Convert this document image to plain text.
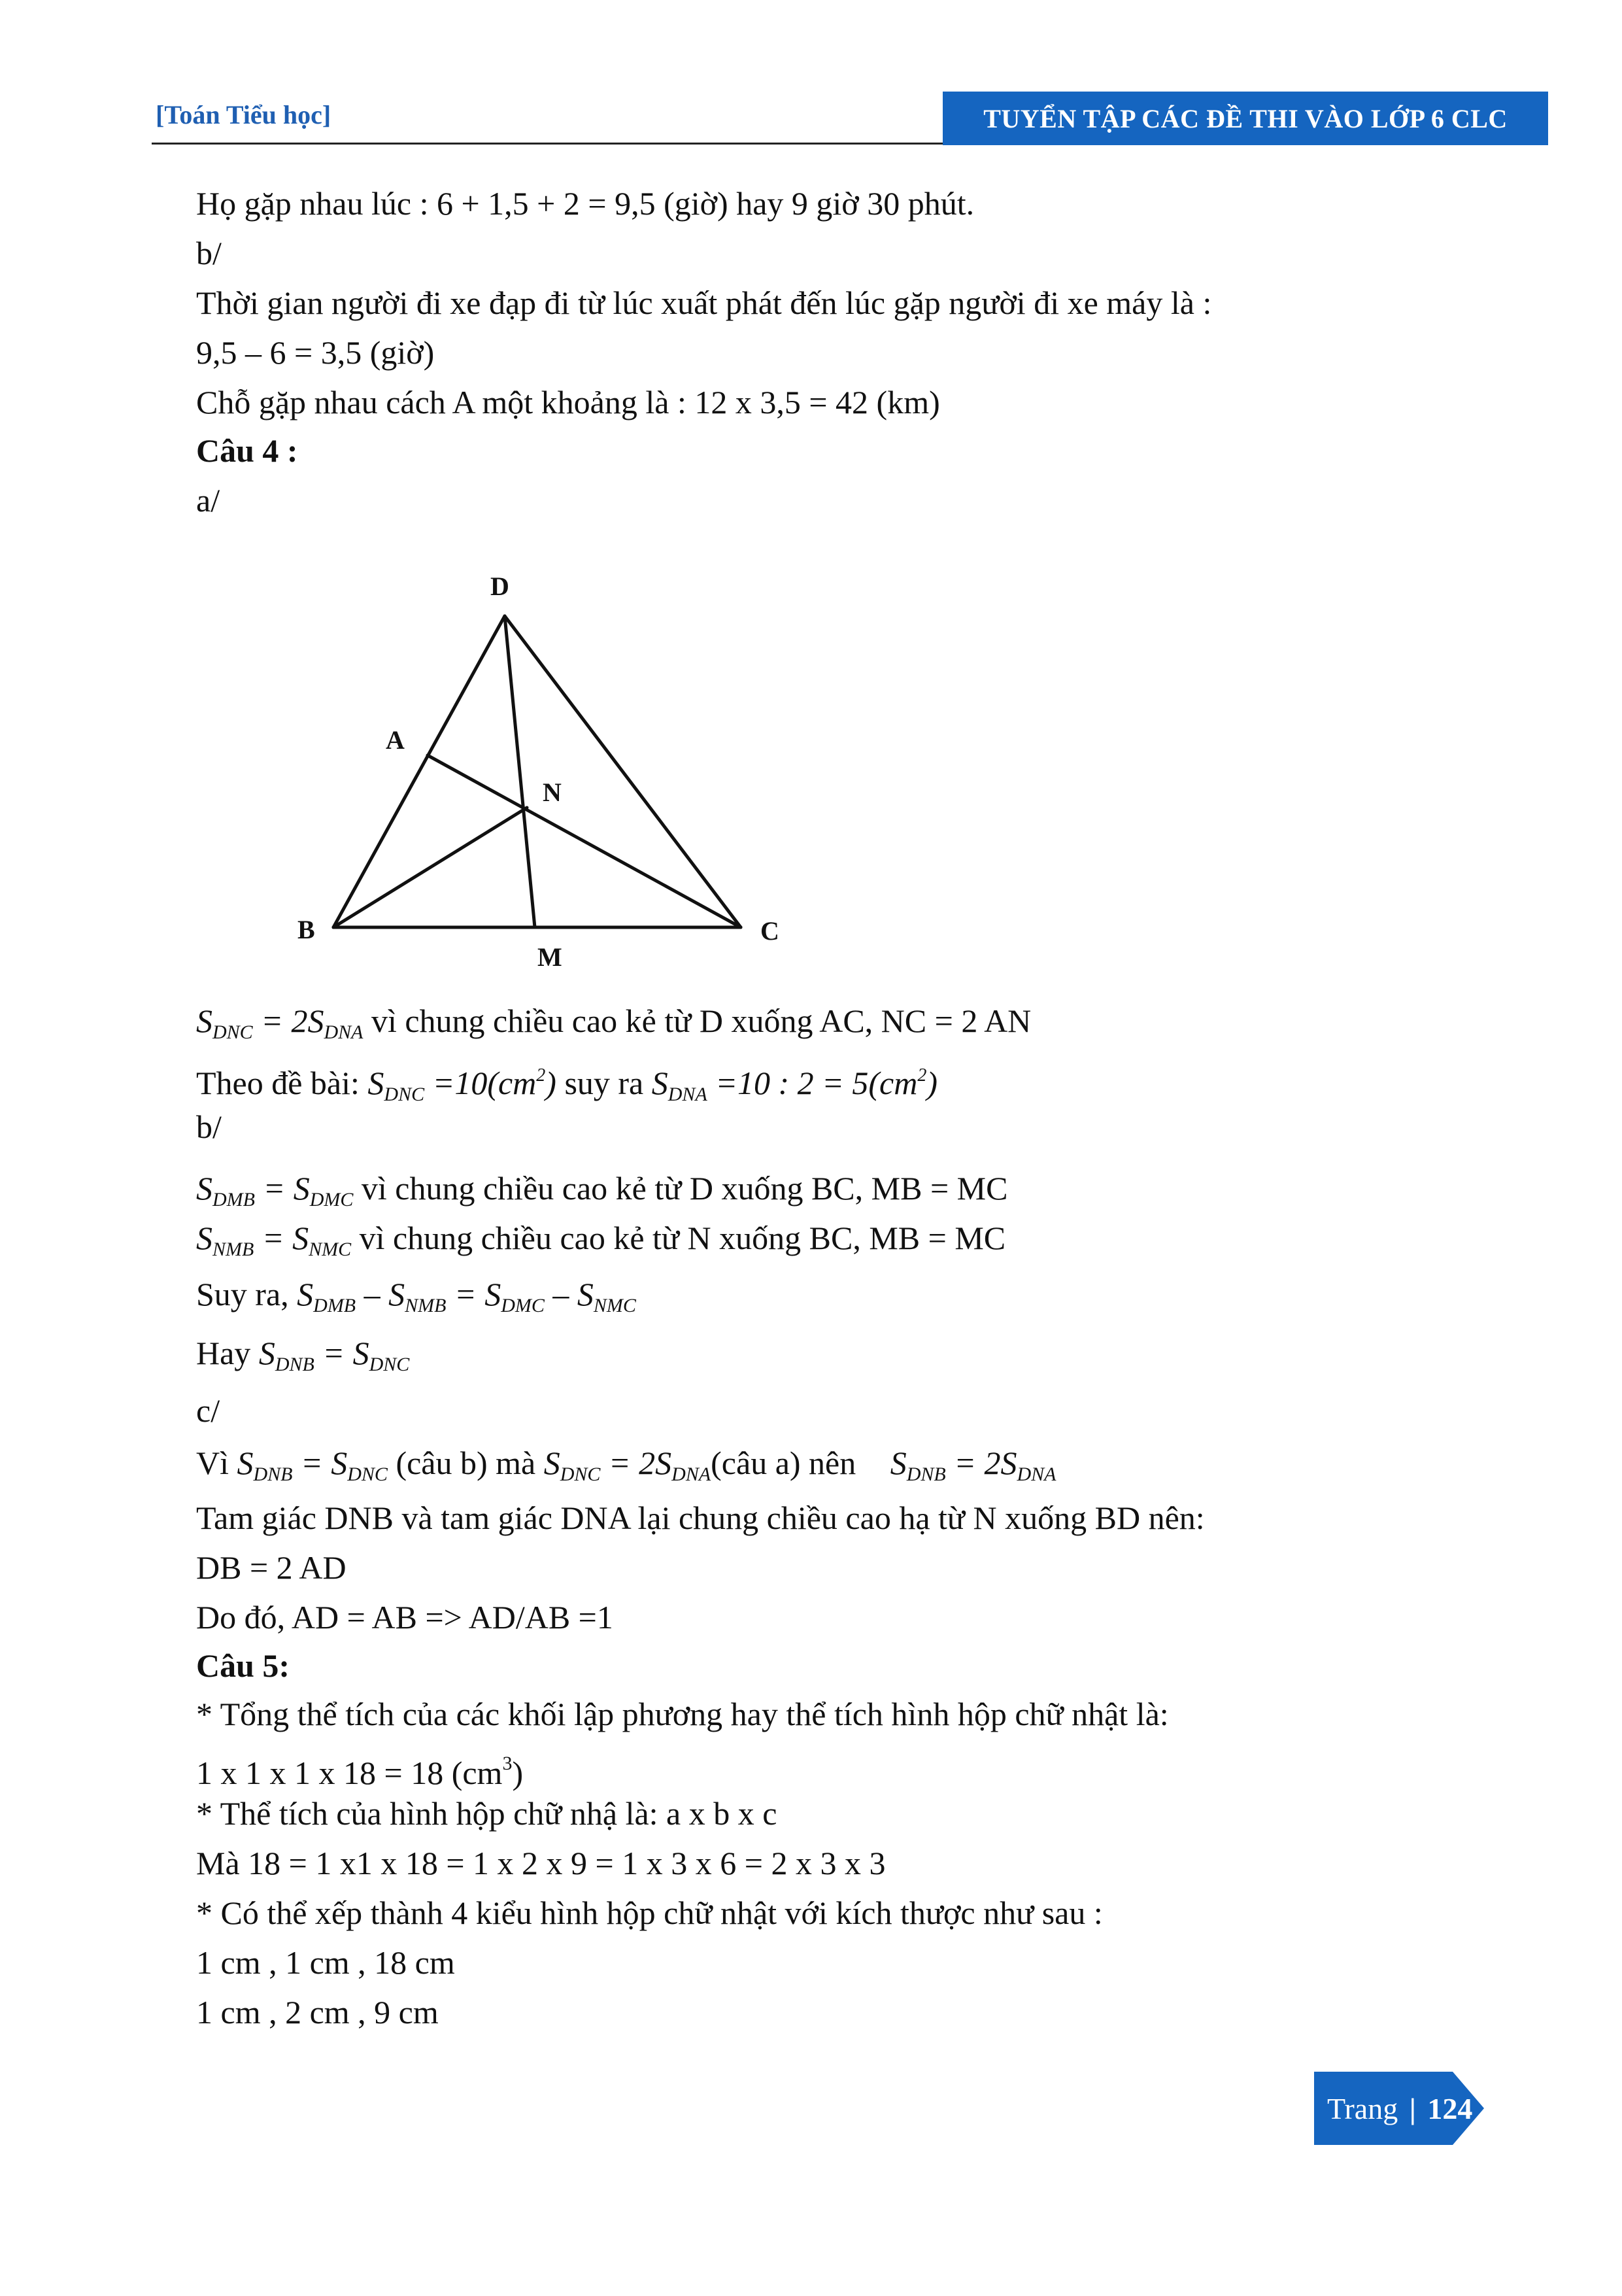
[Toán Tiểu học]	TUYỂN TẬP CÁC ĐỀ THI VÀO LỚP 6 CLC
Họ gặp nhau lúc : 6 + 1,5 + 2 = 9,5 (giờ) hay 9 giờ 30 phút.
b/
Thời gian người đi xe đạp đi từ lúc xuất phát đến lúc gặp người đi xe máy là :
9,5 – 6 = 3,5 (giờ)
Chỗ gặp nhau cách A một khoảng là : 12 x 3,5 = 42 (km)
Câu 4 :
a/
D
A
N
B
M
C
$S_{DNC} = 2S_{DNA}$ vì chung chiều cao kẻ từ D xuống AC, NC = 2 AN
Theo đề bài: $S_{DNC} =10(cm^2)$ suy ra $S_{DNA} =10$ : $2 = 5(cm^2)$
b/
$S_{DMB} = S_{DMC}$ vì chung chiều cao kẻ từ D xuống BC, MB = MC
$S_{NMB} = S_{NMC}$ vì chung chiều cao kẻ từ N xuống BC, MB = MC
Suy ra, $S_{DMB} - S_{NMB} = S_{DMC} - S_{NMC}$
Hay $S_{DNB} = S_{DNC}$
c/
Vì $S_{DNB} = S_{DNC}$ (câu b) mà $S_{DNC}$ = $2S_{DNA}(câu$ a) nên $S_{DNB} = 2S_{DNA}$
Tam giác DNB và tam giác DNA lại chung chiều cao hạ từ N xuống BD nên:
DB = 2 AD
Do đó, AD = AB => AD/AB =1
Câu 5:
* Tổng thể tích của các khối lập phương hay thể tích hình hộp chữ nhật là:
1 x 1 x 1 x 18 = 18 $(cm^3)$
* Thể tích của hình hộp chữ nhậ là: a x b x c
Mà 18 = 1 x1 x 18 = 1 x 2 x 9 = 1 x 3 x 6 = 2 x 3 x 3
* Có thể xếp thành 4 kiểu hình hộp chữ nhật với kích thược như sau :
1 cm , 1 cm , 18 cm
1 cm , 2 cm , 9 cm
Trang
|
124
